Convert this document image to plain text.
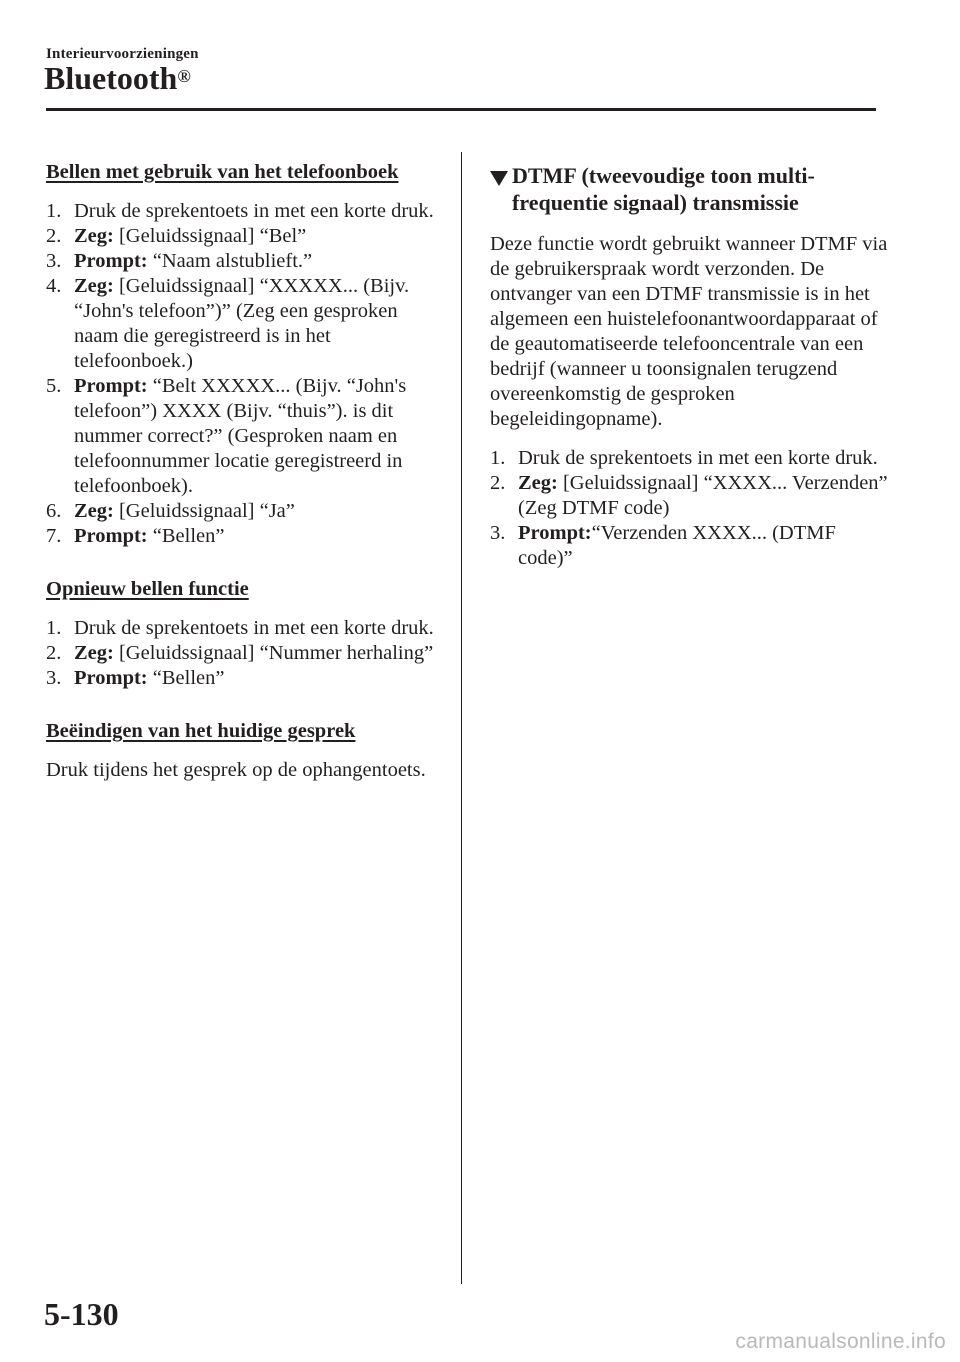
Interieurvoorzieningen
Bluetooth®
Bellen met gebruik van het telefoonboek
1. Druk de sprekentoets in met een korte druk.
2. Zeg: [Geluidssignaal] “Bel”
3. Prompt: “Naam alstublieft.”
4. Zeg: [Geluidssignaal] “XXXXX... (Bijv. “John's telefoon”)” (Zeg een gesproken naam die geregistreerd is in het telefoonboek.)
5. Prompt: “Belt XXXXX... (Bijv. “John's telefoon”) XXXX (Bijv. “thuis”). is dit nummer correct?” (Gesproken naam en telefoonnummer locatie geregistreerd in telefoonboek).
6. Zeg: [Geluidssignaal] “Ja”
7. Prompt: “Bellen”
Opnieuw bellen functie
1. Druk de sprekentoets in met een korte druk.
2. Zeg: [Geluidssignaal] “Nummer herhaling”
3. Prompt: “Bellen”
Beëindigen van het huidige gesprek

Druk tijdens het gesprek op de ophangentoets.

DTMF (tweevoudige toon multi-frequentie signaal) transmissie

Deze functie wordt gebruikt wanneer DTMF via de gebruikerspraak wordt verzonden. De ontvanger van een DTMF transmissie is in het algemeen een huistelefoonantwoordapparaat of de geautomatiseerde telefooncentrale van een bedrijf (wanneer u toonsignalen terugzend overeenkomstig de gesproken begeleidingopname).

1. Druk de sprekentoets in met een korte druk.
2. Zeg: [Geluidssignaal] “XXXX... Verzenden” (Zeg DTMF code)
3. Prompt:“Verzenden XXXX... (DTMF code)”
5-130
carmanualsonline.info
